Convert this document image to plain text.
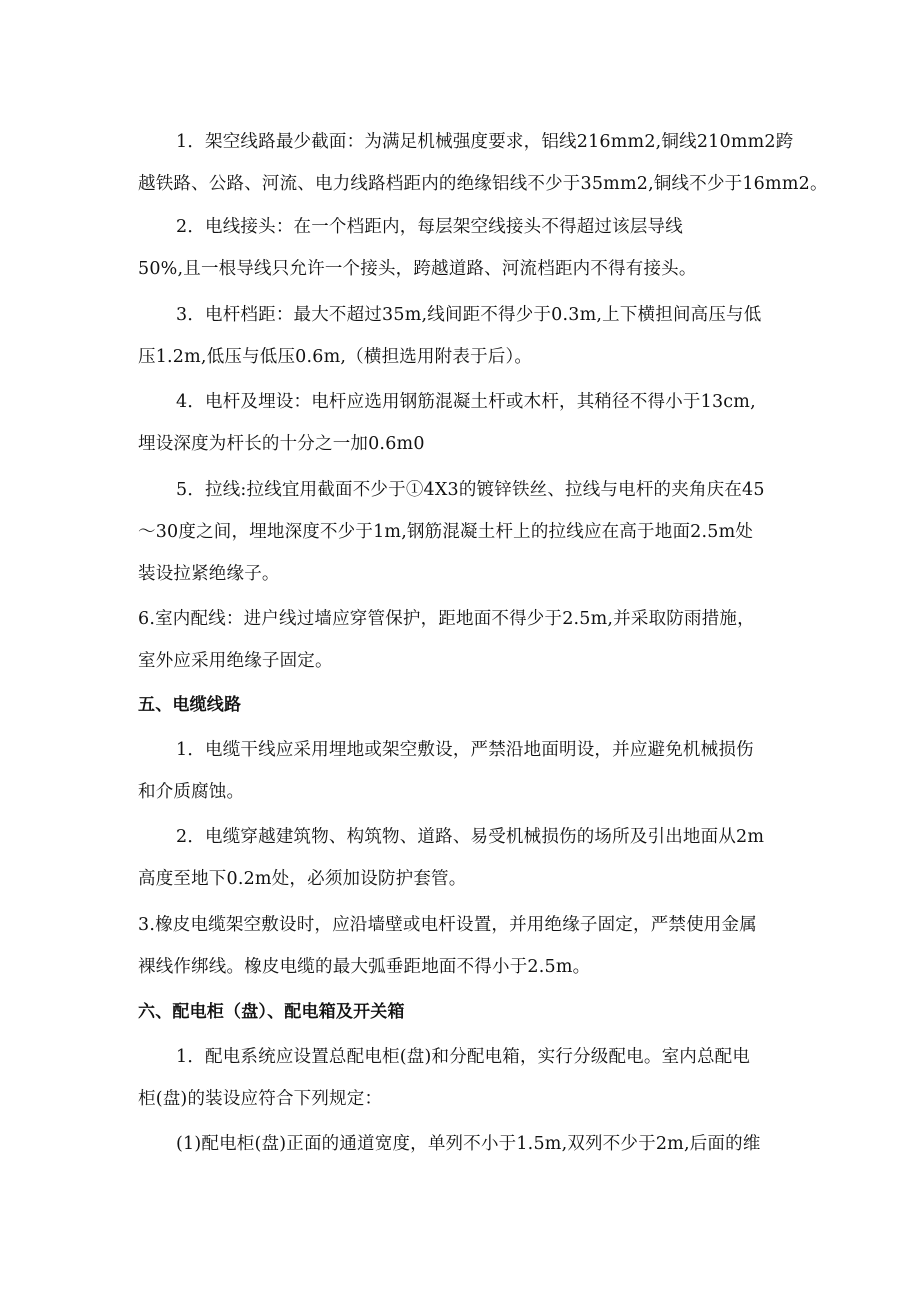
1．架空线路最少截面：为满足机械强度要求，铝线216mm2,铜线210mm2跨
越铁路、公路、河流、电力线路档距内的绝缘铝线不少于35mm2,铜线不少于16mm2。
2．电线接头：在一个档距内，每层架空线接头不得超过该层导线
50%,且一根导线只允许一个接头，跨越道路、河流档距内不得有接头。
3．电杆档距：最大不超过35m,线间距不得少于0.3m,上下横担间高压与低
压1.2m,低压与低压0.6m,（横担选用附表于后）。
4．电杆及埋设：电杆应选用钢筋混凝土杆或木杆，其稍径不得小于13cm,
埋设深度为杆长的十分之一加0.6m0
5．拉线:拉线宜用截面不少于①4X3的镀锌铁丝、拉线与电杆的夹角庆在45
～30度之间，埋地深度不少于1m,钢筋混凝土杆上的拉线应在高于地面2.5m处
装设拉紧绝缘子。
6.室内配线：进户线过墙应穿管保护，距地面不得少于2.5m,并采取防雨措施，
室外应采用绝缘子固定。
五、电缆线路
1．电缆干线应采用埋地或架空敷设，严禁沿地面明设，并应避免机械损伤
和介质腐蚀。
2．电缆穿越建筑物、构筑物、道路、易受机械损伤的场所及引出地面从2m
高度至地下0.2m处，必须加设防护套管。
3.橡皮电缆架空敷设时，应沿墙壁或电杆设置，并用绝缘子固定，严禁使用金属
裸线作绑线。橡皮电缆的最大弧垂距地面不得小于2.5m。
六、配电柜（盘）、配电箱及开关箱
1．配电系统应设置总配电柜(盘)和分配电箱，实行分级配电。室内总配电
柜(盘)的装设应符合下列规定：
(1)配电柜(盘)正面的通道宽度，单列不小于1.5m,双列不少于2m,后面的维
